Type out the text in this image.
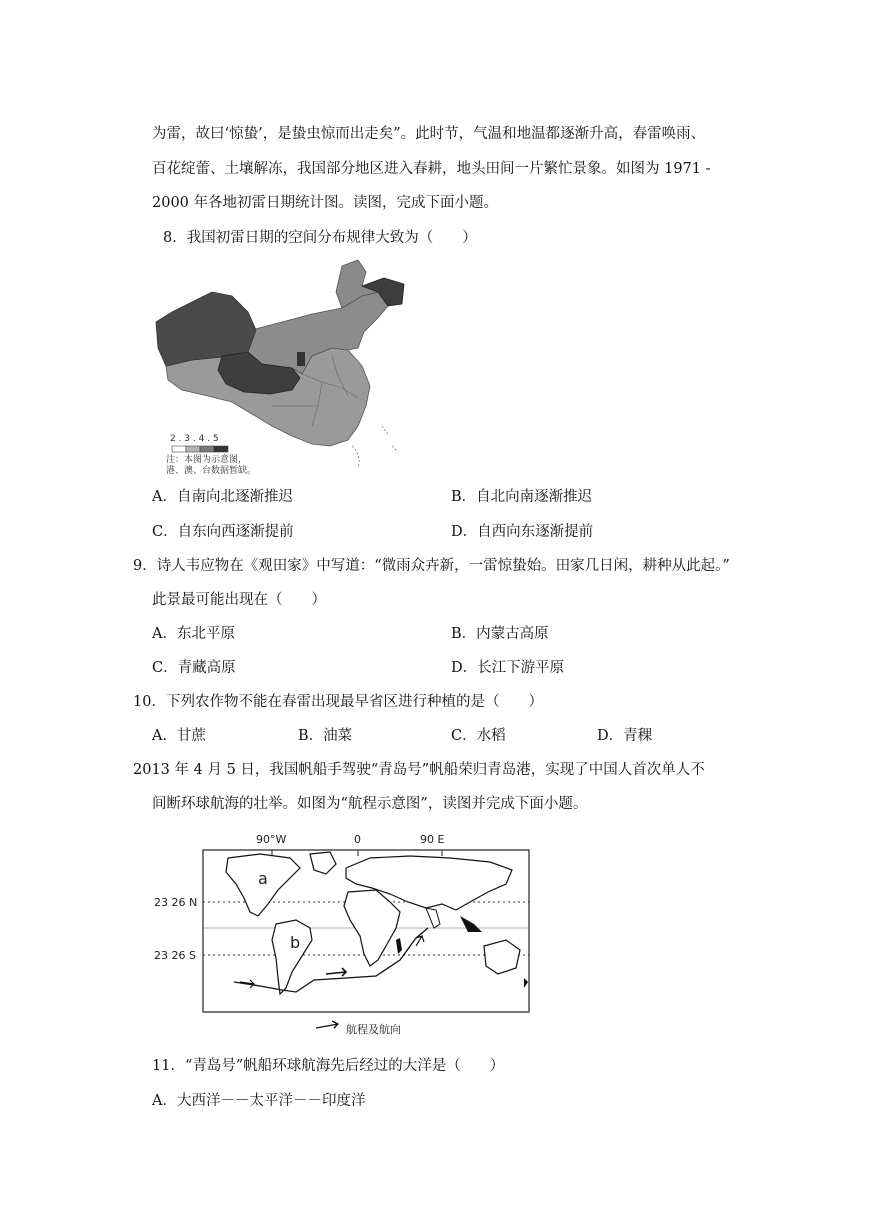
为雷，故曰‘惊蛰’，是蛰虫惊而出走矣”。此时节，气温和地温都逐渐升高，春雷唤雨、
百花绽蕾、土壤解冻，我国部分地区进入春耕，地头田间一片繁忙景象。如图为 1971 -
2000 年各地初雷日期统计图。读图，完成下面小题。
8．我国初雷日期的空间分布规律大致为（　　）
2 . 3 . 4 . 5
注：本图为示意图，
港、澳、台数据暂缺。
A．自南向北逐渐推迟	B．自北向南逐渐推迟
C．自东向西逐渐提前	D．自西向东逐渐提前
9．诗人韦应物在《观田家》中写道：“微雨众卉新，一雷惊蛰始。田家几日闲，耕种从此起。”
此景最可能出现在（　　）
A．东北平原	B．内蒙古高原
C．青藏高原	D．长江下游平原
10．下列农作物不能在春雷出现最早省区进行种植的是（　　）
A．甘蔗	B．油菜	C．水稻	D．青稞
2013 年 4 月 5 日，我国帆船手驾驶“青岛号”帆船荣归青岛港，实现了中国人首次单人不
间断环球航海的壮举。如图为“航程示意图”，读图并完成下面小题。
90°W	0	90 E
23 26 N
23 26 S
a
b
航程及航向
11．“青岛号”帆船环球航海先后经过的大洋是（　　）
A．大西洋－－太平洋－－印度洋
